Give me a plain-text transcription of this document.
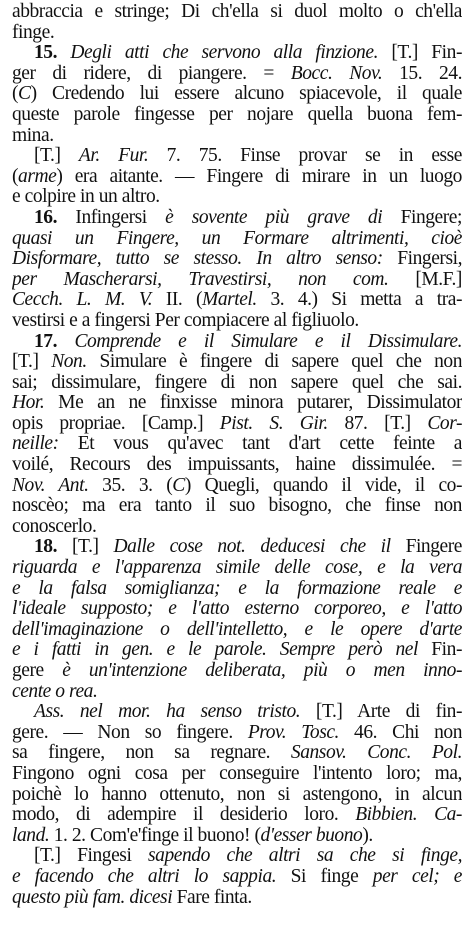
abbraccia e stringe; Di ch'ella si duol molto o ch'ella
finge.
15. Degli atti che servono alla finzione. [T.] Fin-
ger di ridere, di piangere. = Bocc. Nov. 15. 24.
(C) Credendo lui essere alcuno spiacevole, il quale
queste parole fingesse per nojare quella buona fem-
mina.
[T.] Ar. Fur. 7. 75. Finse provar se in esse
(arme) era aitante. — Fingere di mirare in un luogo
e colpire in un altro.
16. Infingersi è sovente più grave di Fingere;
quasi un Fingere, un Formare altrimenti, cioè
Disformare, tutto se stesso. In altro senso: Fingersi,
per Mascherarsi, Travestirsi, non com. [M.F.]
Cecch. L. M. V. II. (Martel. 3. 4.) Si metta a tra-
vestirsi e a fingersi Per compiacere al figliuolo.
17. Comprende e il Simulare e il Dissimulare.
[T.] Non. Simulare è fingere di sapere quel che non
sai; dissimulare, fingere di non sapere quel che sai.
Hor. Me an ne finxisse minora putarer, Dissimulator
opis propriae. [Camp.] Pist. S. Gir. 87. [T.] Cor-
neille: Et vous qu'avec tant d'art cette feinte a
voilé, Recours des impuissants, haine dissimulée. =
Nov. Ant. 35. 3. (C) Quegli, quando il vide, il co-
noscèo; ma era tanto il suo bisogno, che finse non
conoscerlo.
18. [T.] Dalle cose not. deducesi che il Fingere
riguarda e l'apparenza simile delle cose, e la vera
e la falsa somiglianza; e la formazione reale e
l'ideale supposto; e l'atto esterno corporeo, e l'atto
dell'imaginazione o dell'intelletto, e le opere d'arte
e i fatti in gen. e le parole. Sempre però nel Fin-
gere è un'intenzione deliberata, più o men inno-
cente o rea.
Ass. nel mor. ha senso tristo. [T.] Arte di fin-
gere. — Non so fingere. Prov. Tosc. 46. Chi non
sa fingere, non sa regnare. Sansov. Conc. Pol.
Fingono ogni cosa per conseguire l'intento loro; ma,
poichè lo hanno ottenuto, non si astengono, in alcun
modo, di adempire il desiderio loro. Bibbien. Ca-
land. 1. 2. Com'e'finge il buono! (d'esser buono).
[T.] Fingesi sapendo che altri sa che si finge,
e facendo che altri lo sappia. Si finge per cel; e
questo più fam. dicesi Fare finta.
